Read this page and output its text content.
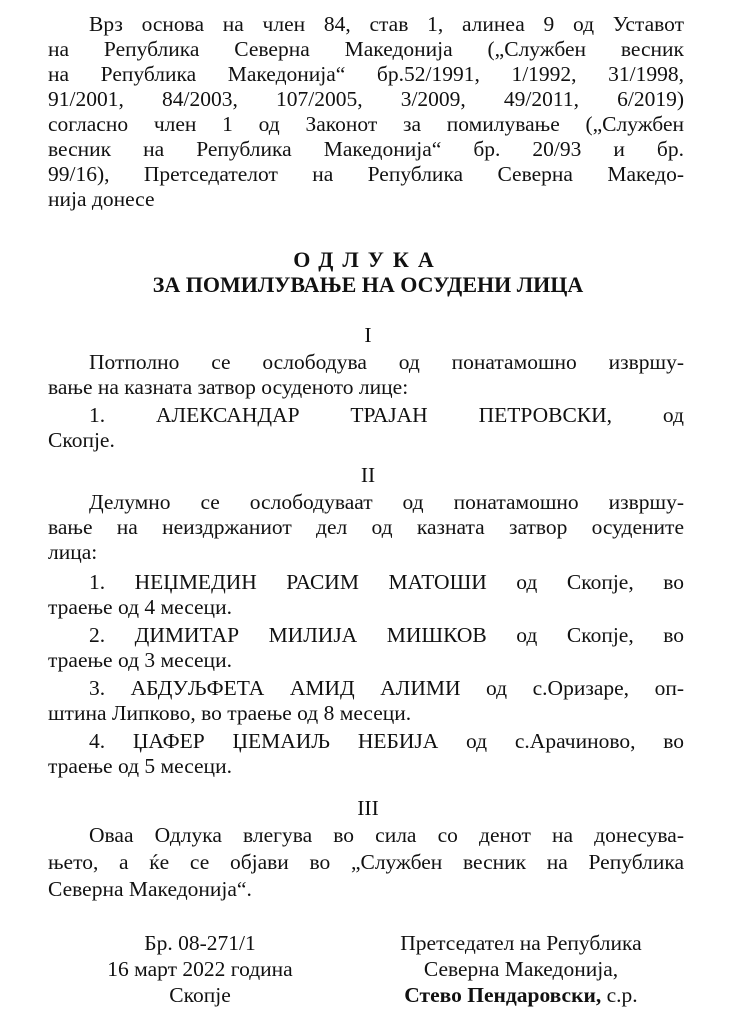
Врз основа на член 84, став 1, алинеа 9 од Уставот
на Република Северна Македонија („Службен весник
на Република Македонија“ бр.52/1991, 1/1992, 31/1998,
91/2001, 84/2003, 107/2005, 3/2009, 49/2011, 6/2019)
согласно член 1 од Законот за помилување („Службен
весник на Република Македонија“ бр. 20/93 и бр.
99/16), Претседателот на Република Северна Македо-
нија донесе
ОДЛУКА
ЗА ПОМИЛУВАЊЕ НА ОСУДЕНИ ЛИЦА
I
Потполно се ослободува од понатамошно извршу-
вање на казната затвор осуденото лице:
1. АЛЕКСАНДАР ТРАЈАН ПЕТРОВСКИ, од
Скопје.
II
Делумно се ослободуваат од понатамошно извршу-
вање на неиздржаниот дел од казната затвор осудените
лица:
1. НЕЏМЕДИН РАСИМ МАТОШИ од Скопје, во
траење од 4 месеци.
2. ДИМИТАР МИЛИЈА МИШКОВ од Скопје, во
траење од 3 месеци.
3. АБДУЉФЕТА АМИД АЛИМИ од с.Оризаре, оп-
штина Липково, во траење од 8 месеци.
4. ЏАФЕР ЏЕМАИЉ НЕБИЈА од с.Арачиново, во
траење од 5 месеци.
III
Оваа Одлука влегува во сила со денот на донесува-
њето, а ќе се објави во „Службен весник на Република
Северна Македонија“.
Бр. 08-271/1
16 март 2022 година
Скопје
Претседател на Република
Северна Македонија,
Стево Пендаровски, с.р.
